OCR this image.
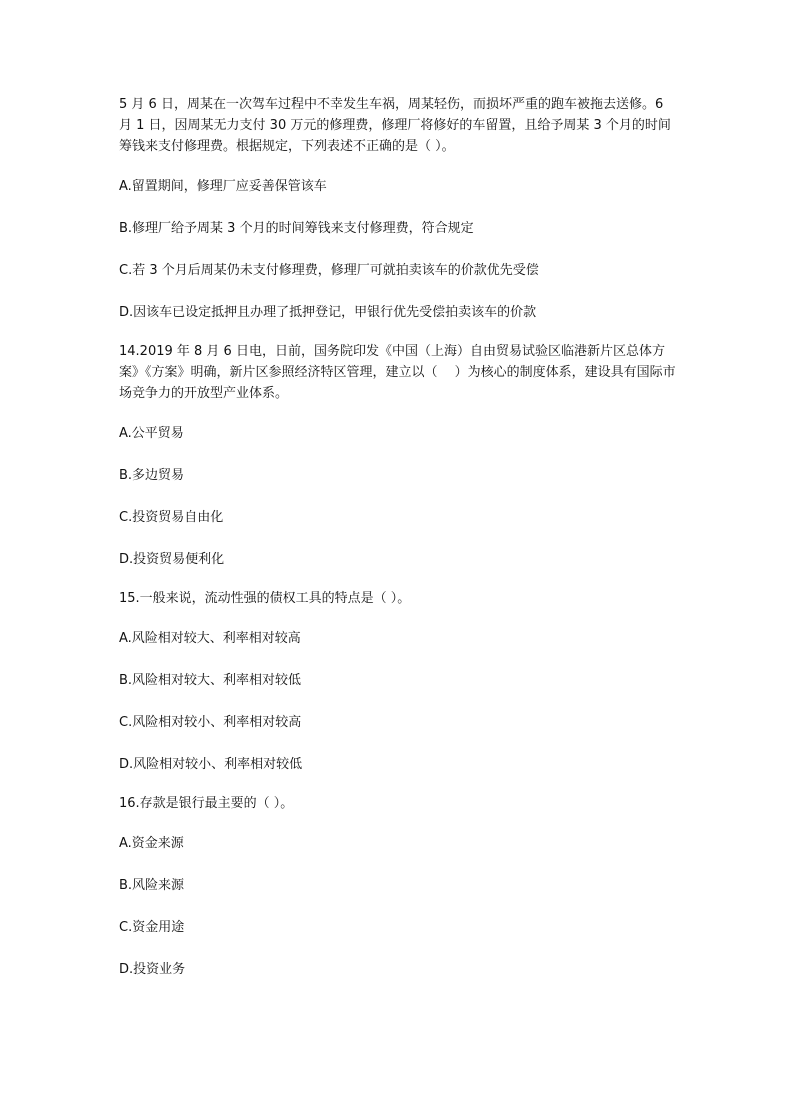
5 月 6 日，周某在一次驾车过程中不幸发生车祸，周某轻伤，而损坏严重的跑车被拖去送修。6 月 1 日，因周某无力支付 30 万元的修理费，修理厂将修好的车留置，且给予周某 3 个月的时间筹钱来支付修理费。根据规定，下列表述不正确的是（ ）。

A.留置期间，修理厂应妥善保管该车

B.修理厂给予周某 3 个月的时间筹钱来支付修理费，符合规定

C.若 3 个月后周某仍未支付修理费，修理厂可就拍卖该车的价款优先受偿

D.因该车已设定抵押且办理了抵押登记，甲银行优先受偿拍卖该车的价款

14.2019 年 8 月 6 日电，日前，国务院印发《中国（上海）自由贸易试验区临港新片区总体方案》《方案》明确，新片区参照经济特区管理，建立以（　 ）为核心的制度体系，建设具有国际市场竞争力的开放型产业体系。

A.公平贸易

B.多边贸易

C.投资贸易自由化

D.投资贸易便利化

15.一般来说，流动性强的债权工具的特点是（ ）。

A.风险相对较大、利率相对较高

B.风险相对较大、利率相对较低

C.风险相对较小、利率相对较高

D.风险相对较小、利率相对较低

16.存款是银行最主要的（ ）。

A.资金来源

B.风险来源

C.资金用途

D.投资业务
